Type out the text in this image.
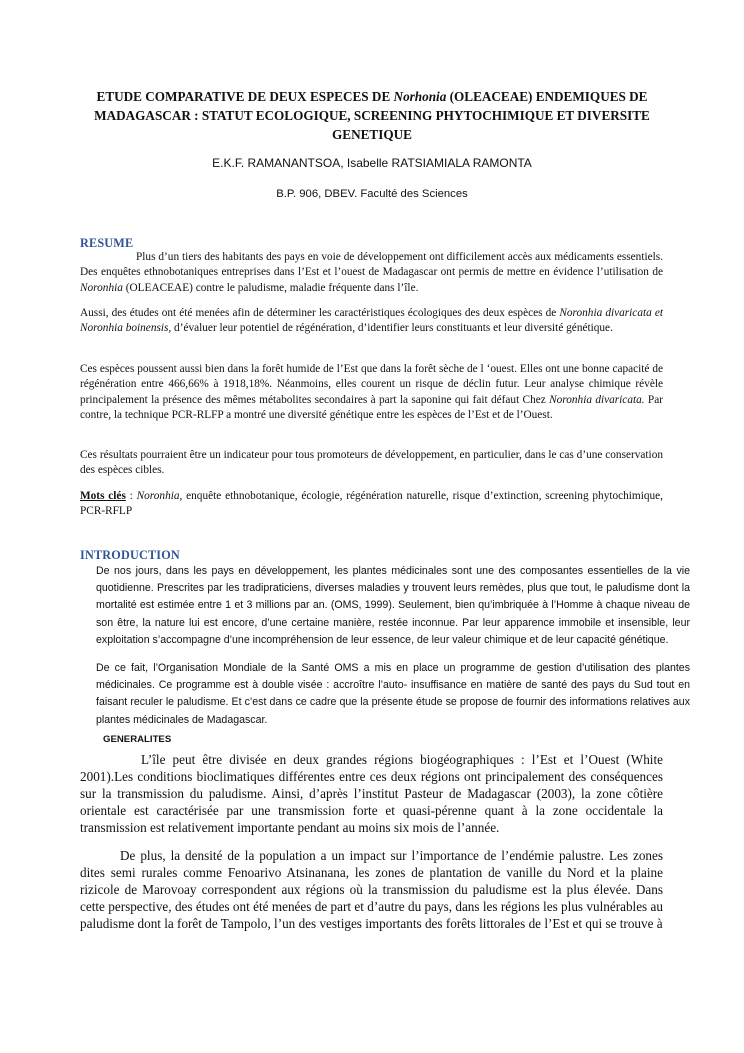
ETUDE COMPARATIVE DE DEUX ESPECES DE Norhonia (OLEACEAE) ENDEMIQUES DE MADAGASCAR : STATUT ECOLOGIQUE, SCREENING PHYTOCHIMIQUE ET DIVERSITE GENETIQUE
E.K.F. RAMANANTSOA, Isabelle RATSIAMIALA RAMONTA
B.P. 906, DBEV. Faculté des Sciences
RESUME

Plus d’un tiers des habitants des pays en voie de développement ont difficilement accès aux médicaments essentiels. Des enquêtes ethnobotaniques entreprises dans l’Est et l’ouest de Madagascar ont permis de mettre en évidence l’utilisation de Noronhia (OLEACEAE) contre le paludisme, maladie fréquente dans l’île.

Aussi, des études ont été menées afin de déterminer les caractéristiques écologiques des deux espèces de Noronhia divaricata et Noronhia boinensis, d’évaluer leur potentiel de régénération, d’identifier leurs constituants et leur diversité génétique.

Ces espèces poussent aussi bien dans la forêt humide de l’Est que dans la forêt sèche de l ‘ouest. Elles ont une bonne capacité de régénération entre 466,66% à 1918,18%. Néanmoins, elles courent un risque de déclin futur. Leur analyse chimique révèle principalement la présence des mêmes métabolites secondaires à part la saponine qui fait défaut Chez Noronhia divaricata. Par contre, la technique PCR-RLFP a montré une diversité génétique entre les espèces de l’Est et de l’Ouest.

Ces résultats pourraient être un indicateur pour tous promoteurs de développement, en particulier, dans le cas d’une conservation des espèces cibles.

Mots clés : Noronhia, enquête ethnobotanique, écologie, régénération naturelle, risque d’extinction, screening phytochimique, PCR-RFLP

INTRODUCTION
De nos jours, dans les pays en développement, les plantes médicinales sont une des composantes essentielles de la vie quotidienne. Prescrites par les tradipraticiens, diverses maladies y trouvent leurs remèdes, plus que tout, le paludisme dont la mortalité est estimée entre 1 et 3 millions par an. (OMS, 1999). Seulement, bien qu’imbriquée à l’Homme à chaque niveau de son être, la nature lui est encore, d’une certaine manière, restée inconnue. Par leur apparence immobile et insensible, leur exploitation s’accompagne d’une incompréhension de leur essence, de leur valeur chimique et de leur capacité génétique.
De ce fait, l’Organisation Mondiale de la Santé OMS a mis en place un programme de gestion d’utilisation des plantes médicinales. Ce programme est à double visée : accroître l’auto- insuffisance en matière de santé des pays du Sud tout en faisant reculer le paludisme. Et c’est dans ce cadre que la présente étude se propose de fournir des informations relatives aux plantes médicinales de Madagascar.
GENERALITES

L’île peut être divisée en deux grandes régions biogéographiques : l’Est et l’Ouest (White 2001).Les conditions bioclimatiques différentes entre ces deux régions ont principalement des conséquences sur la transmission du paludisme. Ainsi, d’après l’institut Pasteur de Madagascar (2003), la zone côtière orientale est caractérisée par une transmission forte et quasi-pérenne quant à la zone occidentale la transmission est relativement importante pendant au moins six mois de l’année.

De plus, la densité de la population a un impact sur l’importance de l’endémie palustre. Les zones dites semi rurales comme Fenoarivo Atsinanana, les zones de plantation de vanille du Nord et la plaine rizicole de Marovoay correspondent aux régions où la transmission du paludisme est la plus élevée. Dans cette perspective, des études ont été menées de part et d’autre du pays, dans les régions les plus vulnérables au paludisme dont la forêt de Tampolo, l’un des vestiges importants des forêts littorales de l’Est et qui se trouve à
